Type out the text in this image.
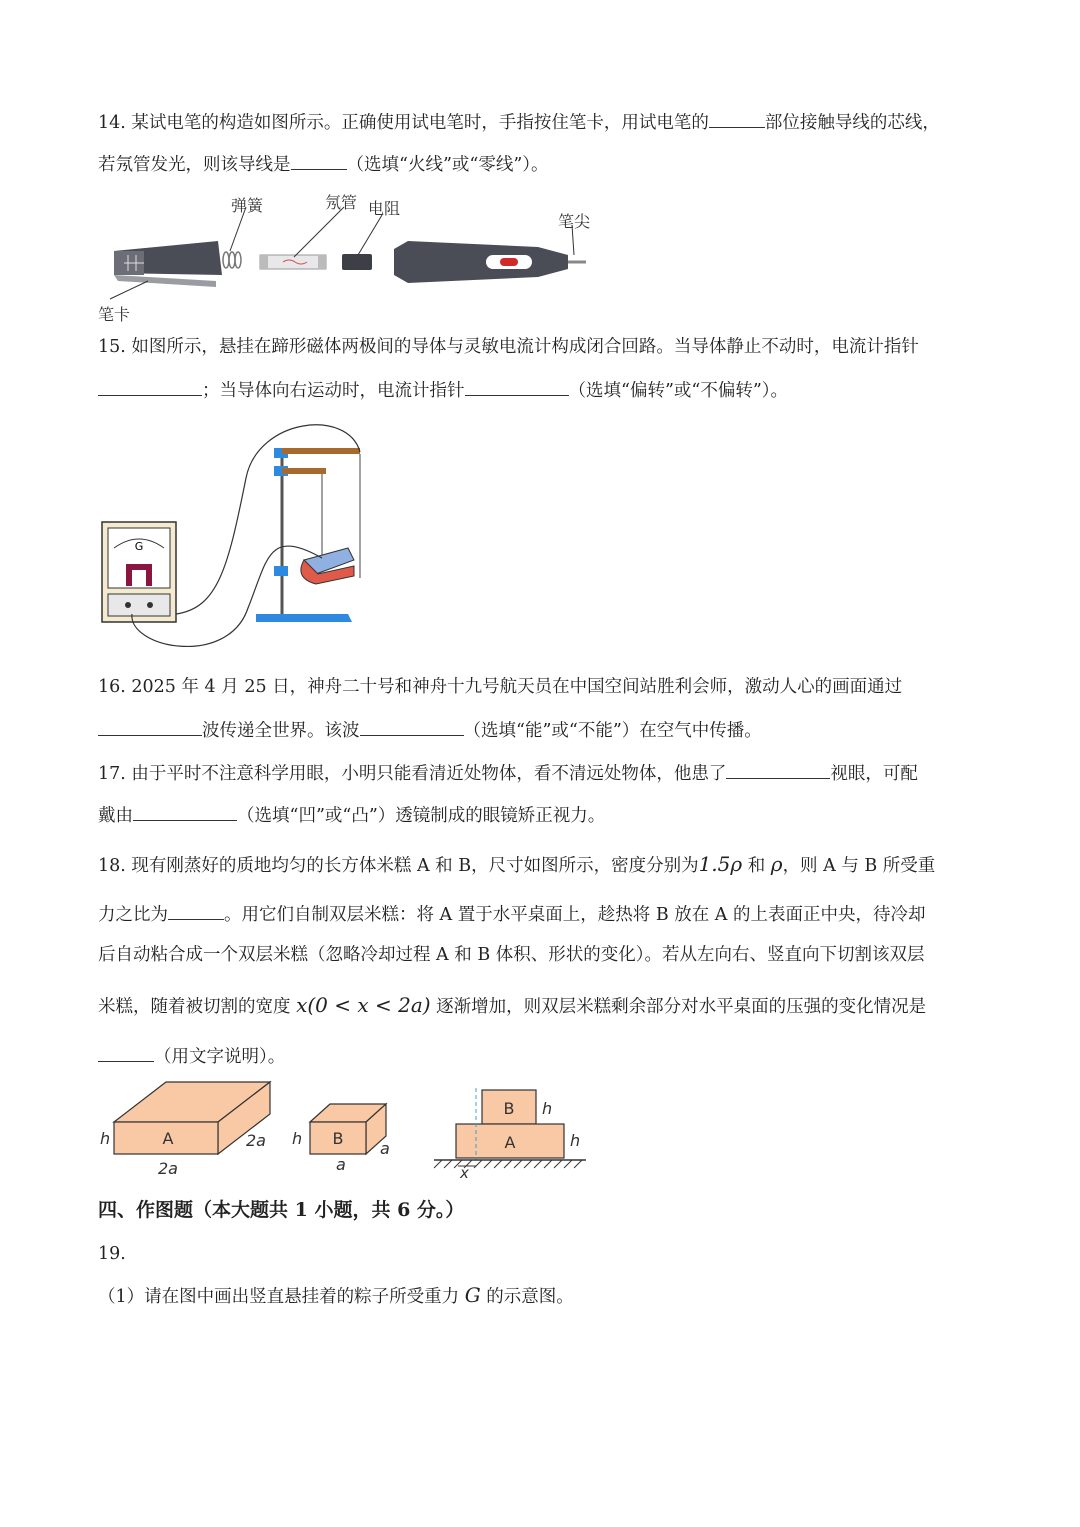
14. 某试电笔的构造如图所示。正确使用试电笔时，手指按住笔卡，用试电笔的	部位接触导线的芯线，
若氖管发光，则该导线是	（选填“火线”或“零线”）。
弹簧	氖管 电阻
笔尖
笔卡
15. 如图所示，悬挂在蹄形磁体两极间的导体与灵敏电流计构成闭合回路。当导体静止不动时，电流计指针
；当导体向右运动时，电流计指针	（选填“偏转”或“不偏转”）。
G
16. 2025 年 4 月 25 日，神舟二十号和神舟十九号航天员在中国空间站胜利会师，激动人心的画面通过
波传递全世界。该波	（选填“能”或“不能”）在空气中传播。
17. 由于平时不注意科学用眼，小明只能看清近处物体，看不清远处物体，他患了	视眼，可配
戴由	（选填“凹”或“凸”）透镜制成的眼镜矫正视力。
18. 现有刚蒸好的质地均匀的长方体米糕 A 和 B，尺寸如图所示，密度分别为1.5ρ 和 ρ，则 A 与 B 所受重
力之比为	。用它们自制双层米糕：将 A 置于水平桌面上，趁热将 B 放在 A 的上表面正中央，待冷却
后自动粘合成一个双层米糕（忽略冷却过程 A 和 B 体积、形状的变化）。若从左向右、竖直向下切割该双层
米糕，随着被切割的宽度 x(0 < x < 2a) 逐渐增加，则双层米糕剩余部分对水平桌面的压强的变化情况是
（用文字说明）。
A
h	2a
2a
B
h
a
a
B
A
h
h
x
四、作图题（本大题共 1 小题，共 6 分。）
19.
（1）请在图中画出竖直悬挂着的粽子所受重力 G 的示意图。
